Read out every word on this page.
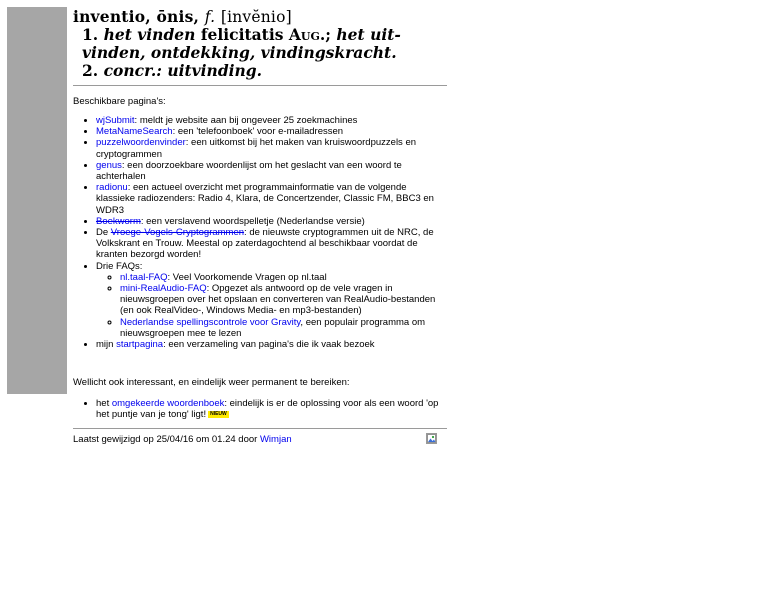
inventio, ōnis, f. [invĕnio]
1. het vinden felicitatis Aug.; het uit-
vinden, ontdekking, vindingskracht.
2. concr.: uitvinding.
Beschikbare pagina's:
• wjSubmit: meldt je website aan bij ongeveer 25 zoekmachines
• MetaNameSearch: een 'telefoonboek' voor e-mailadressen
• puzzelwoordenvinder: een uitkomst bij het maken van kruiswoordpuzzels en cryptogrammen
• genus: een doorzoekbare woordenlijst om het geslacht van een woord te achterhalen
• radionu: een actueel overzicht met programmainformatie van de volgende klassieke radiozenders: Radio 4, Klara, de Concertzender, Classic FM, BBC3 en WDR3
• Boekworm: een verslavend woordspelletje (Nederlandse versie)
• De Vroege-Vogels-Cryptogrammen: de nieuwste cryptogrammen uit de NRC, de Volkskrant en Trouw. Meestal op zaterdagochtend al beschikbaar voordat de kranten bezorgd worden!
• Drie FAQs:
◦ nl.taal-FAQ: Veel Voorkomende Vragen op nl.taal
◦ mini-RealAudio-FAQ: Opgezet als antwoord op de vele vragen in nieuwsgroepen over het opslaan en converteren van RealAudio-bestanden (en ook RealVideo-, Windows Media- en mp3-bestanden)
◦ Nederlandse spellingscontrole voor Gravity, een populair programma om nieuwsgroepen mee te lezen
• mijn startpagina: een verzameling van pagina's die ik vaak bezoek
Wellicht ook interessant, en eindelijk weer permanent te bereiken:
• het omgekeerde woordenboek: eindelijk is er de oplossing voor als een woord 'op het puntje van je tong' ligt! NIEUW
Laatst gewijzigd op 25/04/16 om 01.24 door Wimjan
